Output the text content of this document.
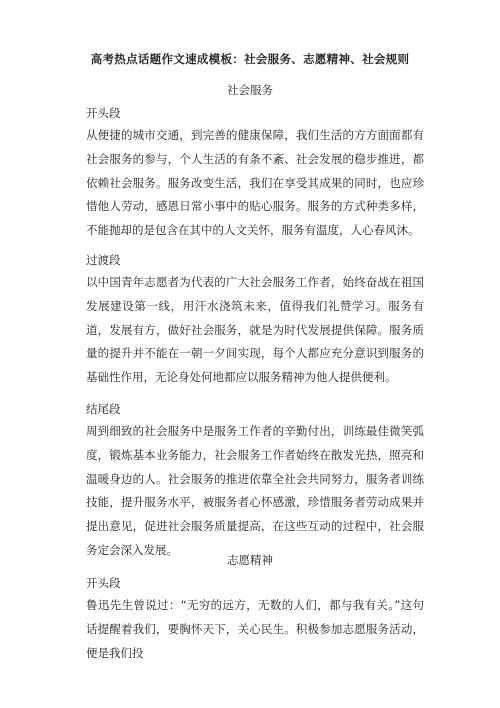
高考热点话题作文速成模板：社会服务、志愿精神、社会规则
社会服务
开头段

从便捷的城市交通，到完善的健康保障，我们生活的方方面面都有社会服务的参与，个人生活的有条不紊、社会发展的稳步推进，都依赖社会服务。服务改变生活，我们在享受其成果的同时，也应珍惜他人劳动，感恩日常小事中的贴心服务。服务的方式种类多样，不能抛却的是包含在其中的人文关怀，服务有温度，人心春风沐。

过渡段

以中国青年志愿者为代表的广大社会服务工作者，始终奋战在祖国发展建设第一线，用汗水浇筑未来，值得我们礼赞学习。服务有道，发展有方，做好社会服务，就是为时代发展提供保障。服务质量的提升并不能在一朝一夕间实现，每个人都应充分意识到服务的基础性作用，无论身处何地都应以服务精神为他人提供便利。

结尾段

周到细致的社会服务中是服务工作者的辛勤付出，训练最佳微笑弧度，锻炼基本业务能力，社会服务工作者始终在散发光热，照亮和温暖身边的人。社会服务的推进依靠全社会共同努力，服务者训练技能，提升服务水平，被服务者心怀感激，珍惜服务者劳动成果并提出意见，促进社会服务质量提高，在这些互动的过程中，社会服务定会深入发展。

志愿精神
开头段

鲁迅先生曾说过：“无穷的远方，无数的人们，都与我有关。”这句话提醒着我们，要胸怀天下，关心民生。积极参加志愿服务活动，便是我们投
